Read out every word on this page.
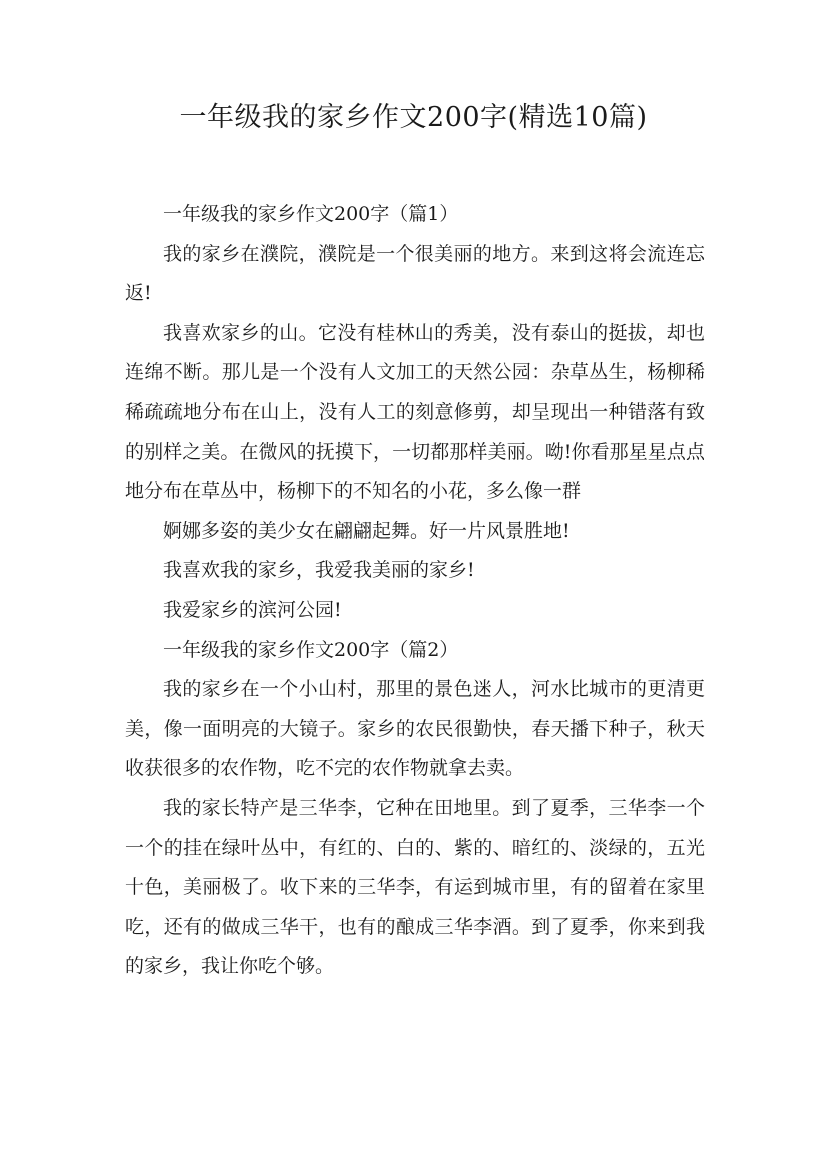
一年级我的家乡作文200字(精选10篇)

一年级我的家乡作文200字（篇1）

我的家乡在濮院，濮院是一个很美丽的地方。来到这将会流连忘返!

我喜欢家乡的山。它没有桂林山的秀美，没有泰山的挺拔，却也连绵不断。那儿是一个没有人文加工的天然公园：杂草丛生，杨柳稀稀疏疏地分布在山上，没有人工的刻意修剪，却呈现出一种错落有致的别样之美。在微风的抚摸下，一切都那样美丽。呦!你看那星星点点地分布在草丛中，杨柳下的不知名的小花，多么像一群

婀娜多姿的美少女在翩翩起舞。好一片风景胜地!

我喜欢我的家乡，我爱我美丽的家乡!

我爱家乡的滨河公园!

一年级我的家乡作文200字（篇2）

我的家乡在一个小山村，那里的景色迷人，河水比城市的更清更美，像一面明亮的大镜子。家乡的农民很勤快，春天播下种子，秋天收获很多的农作物，吃不完的农作物就拿去卖。

我的家长特产是三华李，它种在田地里。到了夏季，三华李一个一个的挂在绿叶丛中，有红的、白的、紫的、暗红的、淡绿的，五光十色，美丽极了。收下来的三华李，有运到城市里，有的留着在家里吃，还有的做成三华干，也有的酿成三华李酒。到了夏季，你来到我的家乡，我让你吃个够。
